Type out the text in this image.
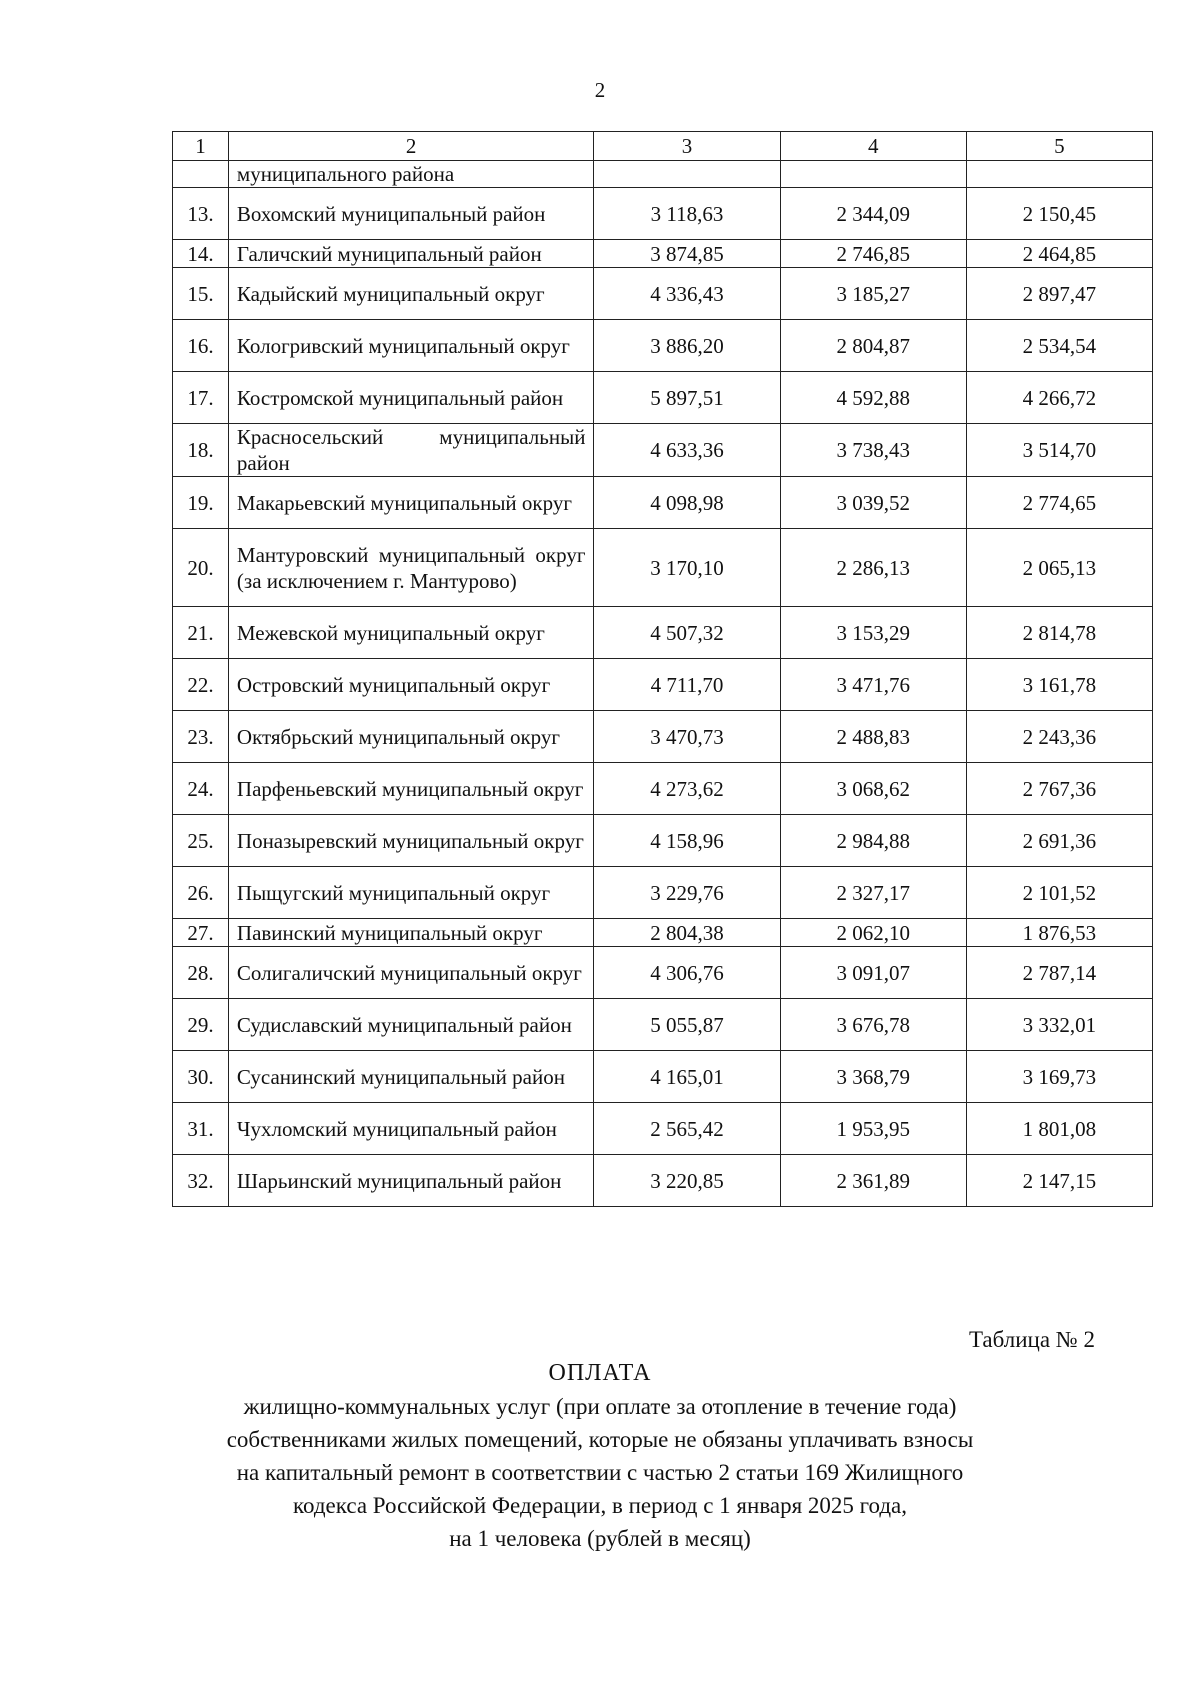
2
1	2	3	4	5
	муниципального района			
13.	Вохомский муниципальный район	3 118,63	2 344,09	2 150,45
14.	Галичский муниципальный район	3 874,85	2 746,85	2 464,85
15.	Кадыйский муниципальный округ	4 336,43	3 185,27	2 897,47
16.	Кологривский муниципальный округ	3 886,20	2 804,87	2 534,54
17.	Костромской муниципальный район	5 897,51	4 592,88	4 266,72
18.	Красносельский муниципальный район	4 633,36	3 738,43	3 514,70
19.	Макарьевский муниципальный округ	4 098,98	3 039,52	2 774,65
20.	Мантуровский муниципальный округ (за исключением г. Мантурово)	3 170,10	2 286,13	2 065,13
21.	Межевской муниципальный округ	4 507,32	3 153,29	2 814,78
22.	Островский муниципальный округ	4 711,70	3 471,76	3 161,78
23.	Октябрьский муниципальный округ	3 470,73	2 488,83	2 243,36
24.	Парфеньевский муниципальный округ	4 273,62	3 068,62	2 767,36
25.	Поназыревский муниципальный округ	4 158,96	2 984,88	2 691,36
26.	Пыщугский муниципальный округ	3 229,76	2 327,17	2 101,52
27.	Павинский муниципальный округ	2 804,38	2 062,10	1 876,53
28.	Солигаличский муниципальный округ	4 306,76	3 091,07	2 787,14
29.	Судиславский муниципальный район	5 055,87	3 676,78	3 332,01
30.	Сусанинский муниципальный район	4 165,01	3 368,79	3 169,73
31.	Чухломский муниципальный район	2 565,42	1 953,95	1 801,08
32.	Шарьинский муниципальный район	3 220,85	2 361,89	2 147,15
Таблица № 2
ОПЛАТА
жилищно-коммунальных услуг (при оплате за отопление в течение года)
собственниками жилых помещений, которые не обязаны уплачивать взносы
на капитальный ремонт в соответствии с частью 2 статьи 169 Жилищного
кодекса Российской Федерации, в период с 1 января 2025 года,
на 1 человека (рублей в месяц)
